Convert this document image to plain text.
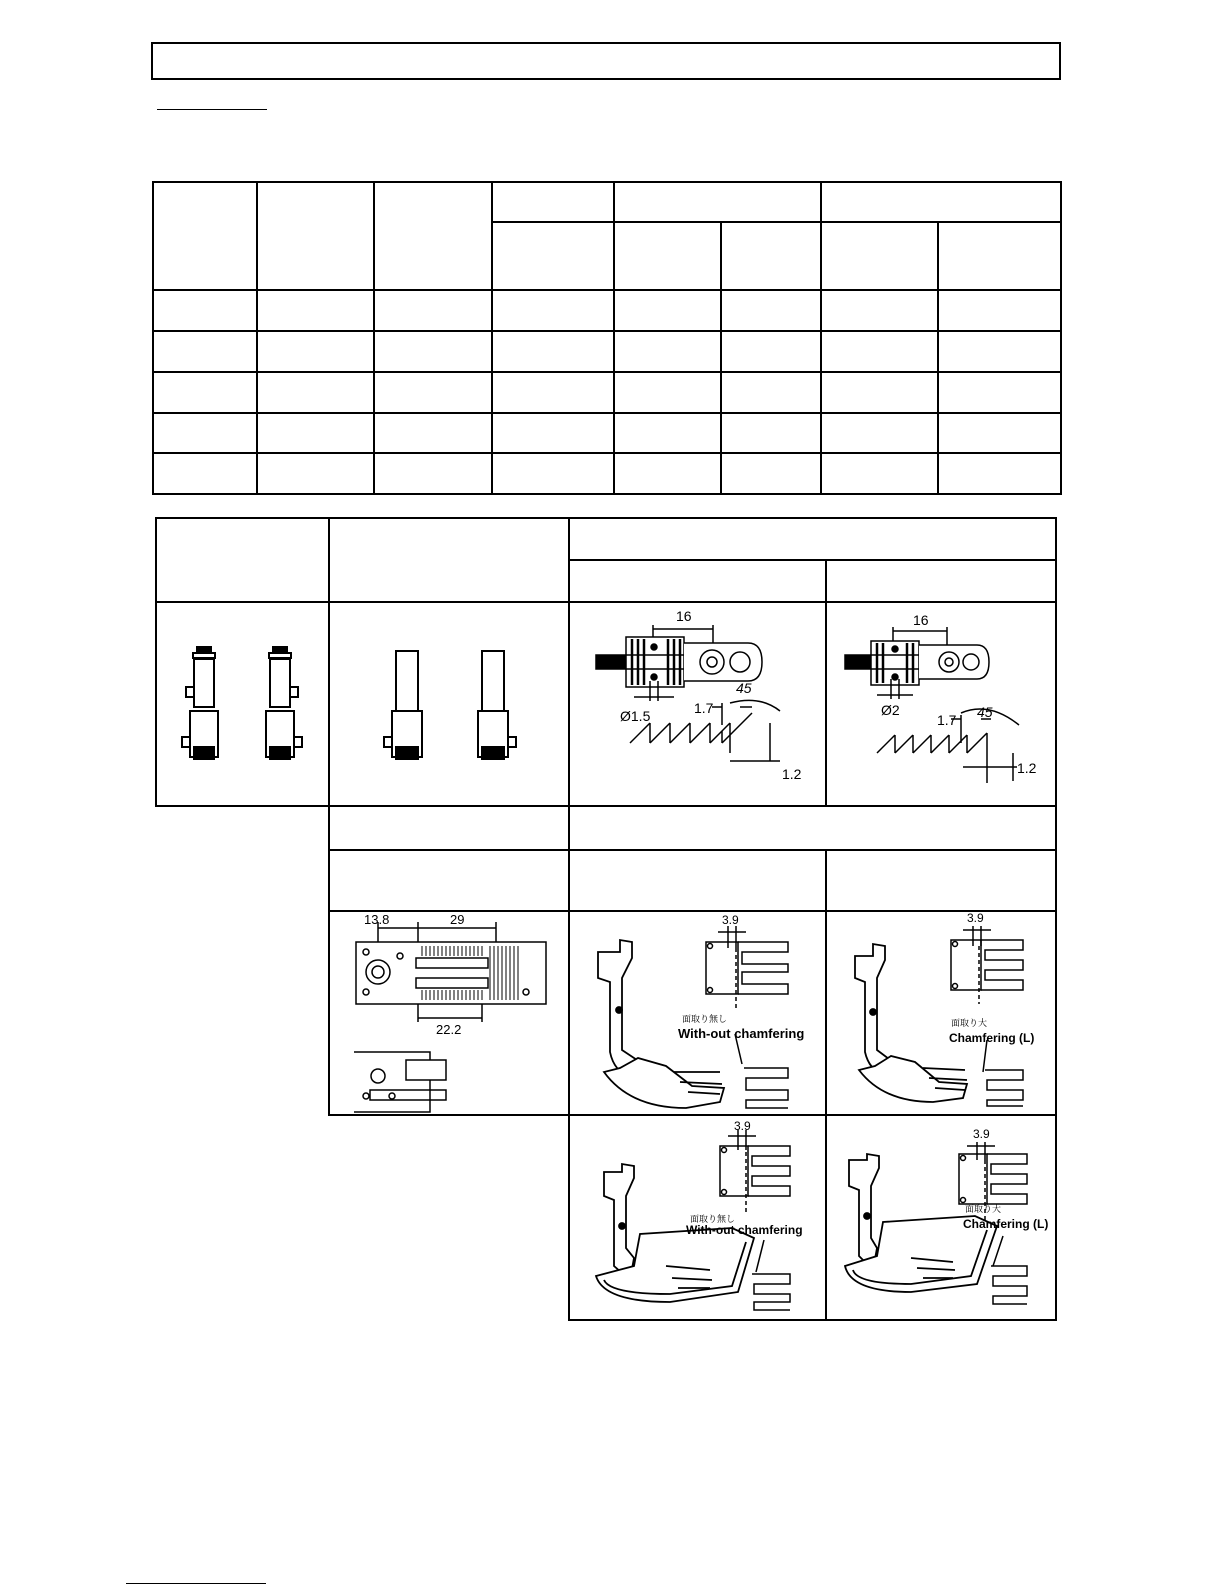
16
Ø1.5	1.7
45
1.2
16
Ø2
1.7 45
1.2
13.8	29
22.2
3.9
面取り無し
With-out chamfering
3.9
面取り大
Chamfering (L)
3.9
面取り無し
With-out chamfering
3.9
面取り大
Chamfering (L)
